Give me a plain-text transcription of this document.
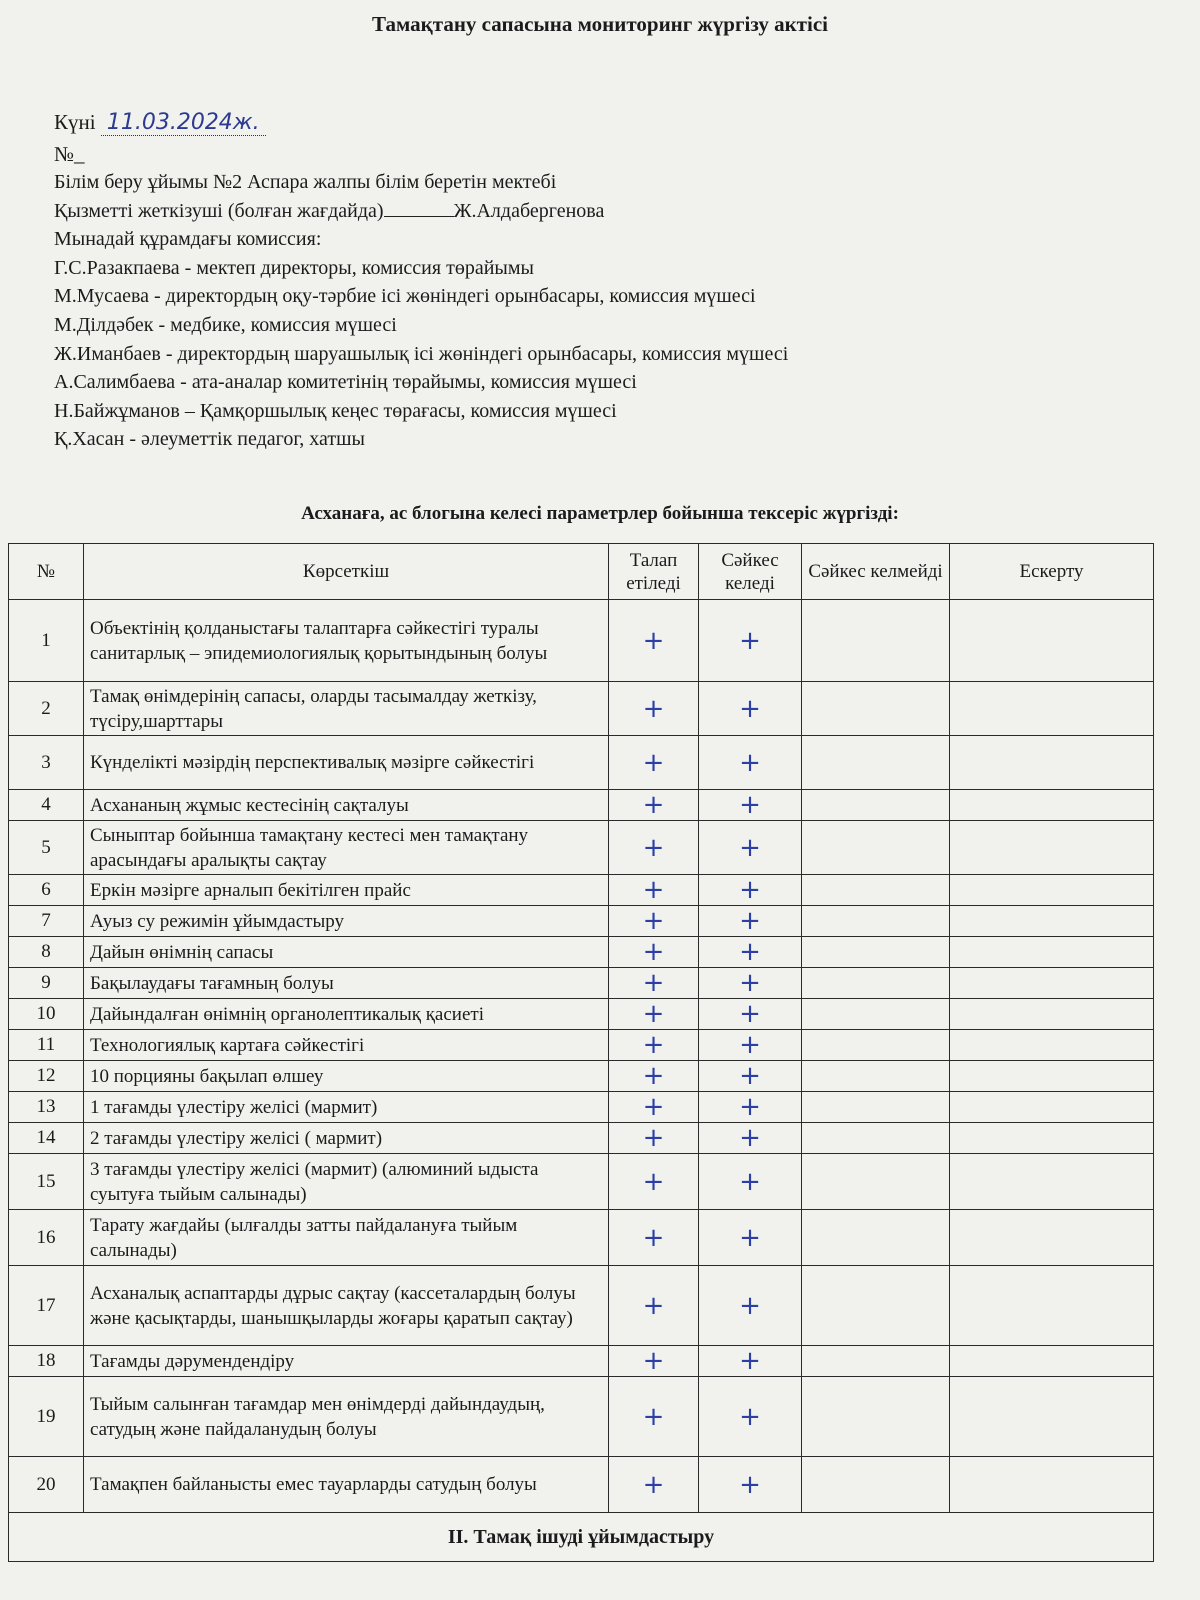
Тамақтану сапасына мониторинг жүргізу актісі
Күні 11.03.2024ж.
№_
Білім беру ұйымы №2 Аспара жалпы білім беретін мектебі
Қызметті жеткізуші (болған жағдайда)	Ж.Алдабергенова
Мынадай құрамдағы комиссия:
Г.С.Разакпаева - мектеп директоры, комиссия төрайымы
М.Мусаева - директордың оқу-тәрбие ісі жөніндегі орынбасары, комиссия мүшесі
М.Ділдәбек - медбике, комиссия мүшесі
Ж.Иманбаев - директордың шаруашылық ісі жөніндегі орынбасары, комиссия мүшесі
А.Салимбаева - ата-аналар комитетінің төрайымы, комиссия мүшесі
Н.Байжұманов – Қамқоршылық кеңес төрағасы, комиссия мүшесі
Қ.Хасан - әлеуметтік педагог, хатшы
Асханаға, ас блогына келесі параметрлер бойынша тексеріс жүргізді:
№	Көрсеткіш	Талап етіледі	Сәйкес келеді	Сәйкес келмейді	Ескерту
1	Объектінің қолданыстағы талаптарға сәйкестігі туралы санитарлық – эпидемиологиялық қорытындының болуы	+	+		
2	Тамақ өнімдерінің сапасы, оларды тасымалдау жеткізу, түсіру,шарттары	+	+		
3	Күнделікті мәзірдің перспективалық мәзірге сәйкестігі	+	+		
4	Асхананың жұмыс кестесінің сақталуы	+	+		
5	Сыныптар бойынша тамақтану кестесі мен тамақтану арасындағы аралықты сақтау	+	+		
6	Еркін мәзірге арналып бекітілген прайс	+	+		
7	Ауыз су режимін ұйымдастыру	+	+		
8	Дайын өнімнің сапасы	+	+		
9	Бақылаудағы тағамның болуы	+	+		
10	Дайындалған өнімнің органолептикалық қасиеті	+	+		
11	Технологиялық картаға сәйкестігі	+	+		
12	10 порцияны бақылап өлшеу	+	+		
13	1 тағамды үлестіру желісі (мармит)	+	+		
14	2 тағамды үлестіру желісі ( мармит)	+	+		
15	3 тағамды үлестіру желісі (мармит) (алюминий ыдыста суытуға тыйым салынады)	+	+		
16	Тарату жағдайы (ылғалды затты пайдалануға тыйым салынады)	+	+		
17	Асханалық аспаптарды дұрыс сақтау (кассеталардың болуы және қасықтарды, шанышқыларды жоғары қаратып сақтау)	+	+		
18	Тағамды дәрумендендіру	+	+		
19	Тыйым салынған тағамдар мен өнімдерді дайындаудың, сатудың және пайдаланудың болуы	+	+		
20	Тамақпен байланысты емес тауарларды сатудың болуы	+	+		
II. Тамақ ішуді ұйымдастыру					
